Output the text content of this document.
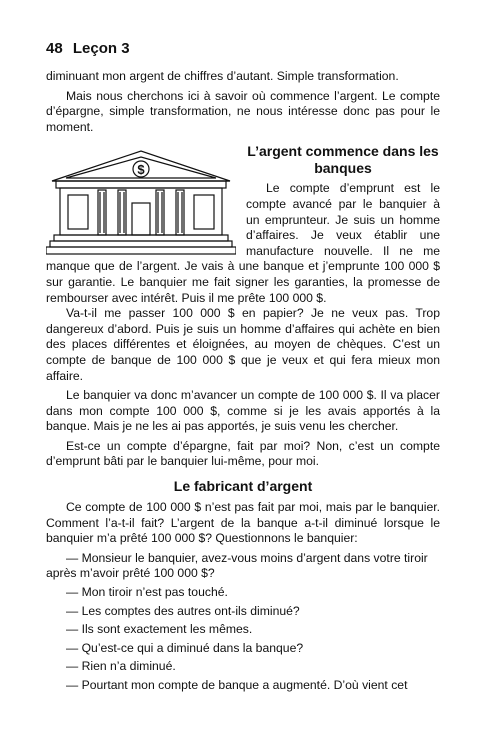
48 Leçon 3

diminuant mon argent de chiffres d’autant. Simple transformation.

Mais nous cherchons ici à savoir où commence l’argent. Le compte d’épargne, simple transformation, ne nous intéresse donc pas pour le moment.

$
L’argent commence dans les banques

Le compte d’emprunt est le compte avancé par le banquier à un emprunteur. Je suis un homme d’affaires. Je veux établir une manufacture nouvelle. Il ne me manque que de l’argent. Je vais à une banque et j’emprunte 100 000 $ sur garantie. Le banquier me fait signer les garanties, la promesse de rembourser avec intérêt. Puis il me prête 100 000 $.

Va-t-il me passer 100 000 $ en papier? Je ne veux pas. Trop dangereux d’abord. Puis je suis un homme d’affaires qui achète en bien des places différentes et éloignées, au moyen de chèques. C’est un compte de banque de 100 000 $ que je veux et qui fera mieux mon affaire.

Le banquier va donc m’avancer un compte de 100 000 $. Il va placer dans mon compte 100 000 $, comme si je les avais apportés à la banque. Mais je ne les ai pas apportés, je suis venu les chercher.

Est-ce un compte d’épargne, fait par moi? Non, c’est un compte d’emprunt bâti par le banquier lui-même, pour moi.

Le fabricant d’argent

Ce compte de 100 000 $ n’est pas fait par moi, mais par le banquier. Comment l’a-t-il fait? L’argent de la banque a-t-il diminué lorsque le banquier m’a prêté 100 000 $? Questionnons le banquier:

— Monsieur le banquier, avez-vous moins d’argent dans votre tiroir après m’avoir prêté 100 000 $?

— Mon tiroir n’est pas touché.

— Les comptes des autres ont-ils diminué?

— Ils sont exactement les mêmes.

— Qu’est-ce qui a diminué dans la banque?

— Rien n’a diminué.

— Pourtant mon compte de banque a augmenté. D’où vient cet
